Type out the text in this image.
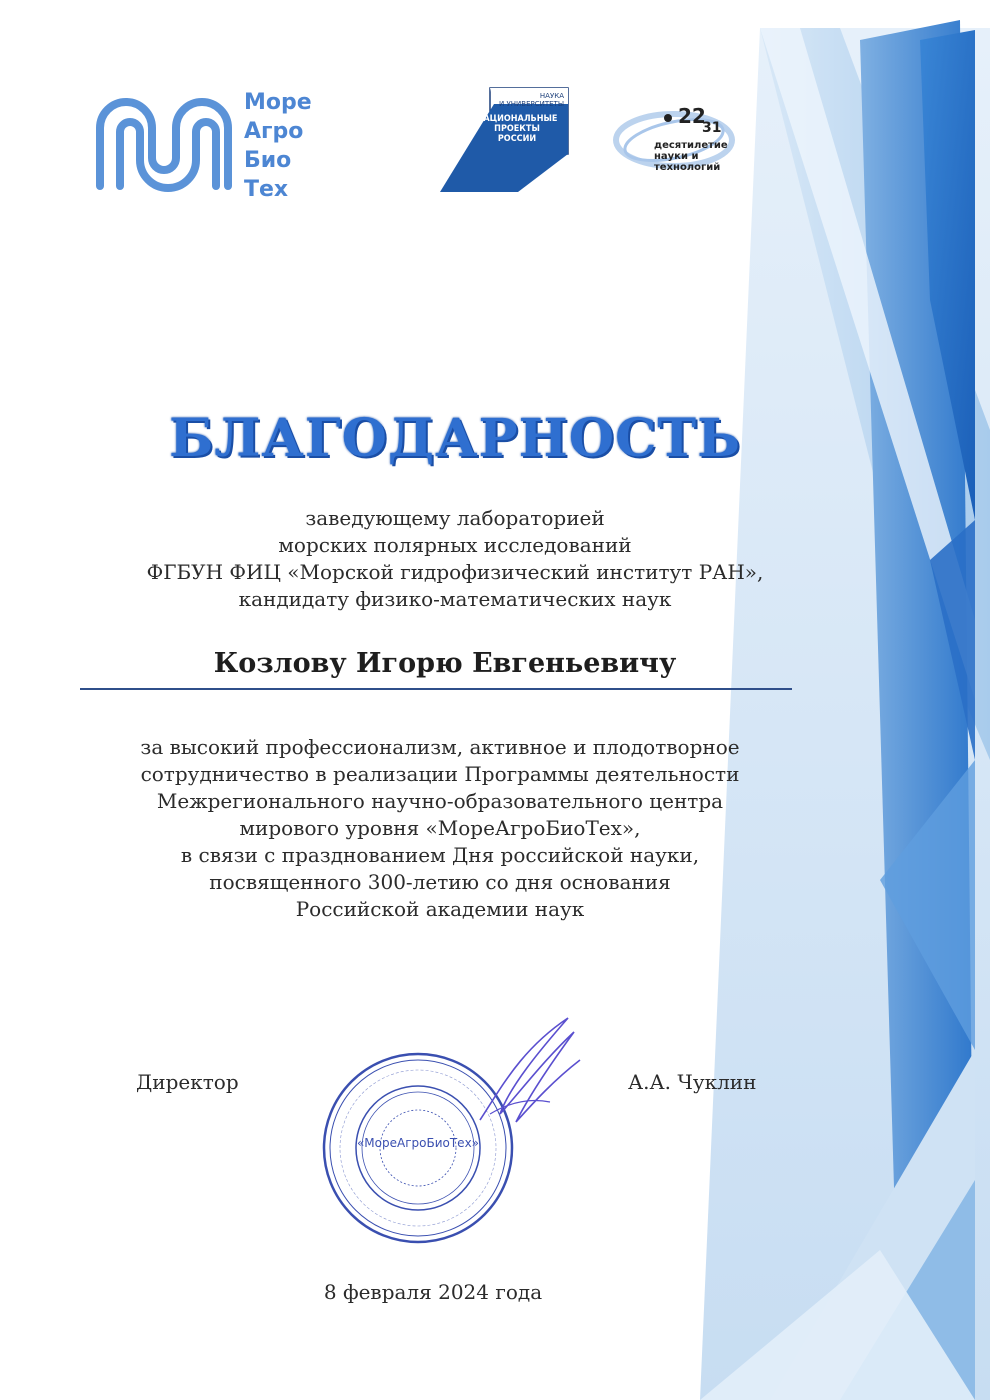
Море
Агро
Био
Тех
НАУКА
И УНИВЕРСИТЕТЫ
НАЦИОНАЛЬНЫЕ
ПРОЕКТЫ
РОССИИ
22
31
десятилетие
науки и технологий
БЛАГОДАРНОСТЬ
заведующему лабораторией
морских полярных исследований
ФГБУН ФИЦ «Морской гидрофизический институт РАН»,
кандидату физико-математических наук
Козлову Игорю Евгеньевичу
за высокий профессионализм, активное и плодотворное
сотрудничество в реализации Программы деятельности
Межрегионального научно-образовательного центра
мирового уровня «МореАгроБиоТех»,
в связи с празднованием Дня российской науки,
посвященного 300-летию со дня основания
Российской академии наук
Директор	А.А. Чуклин
«МореАгроБиоТех»
8 февраля 2024 года
